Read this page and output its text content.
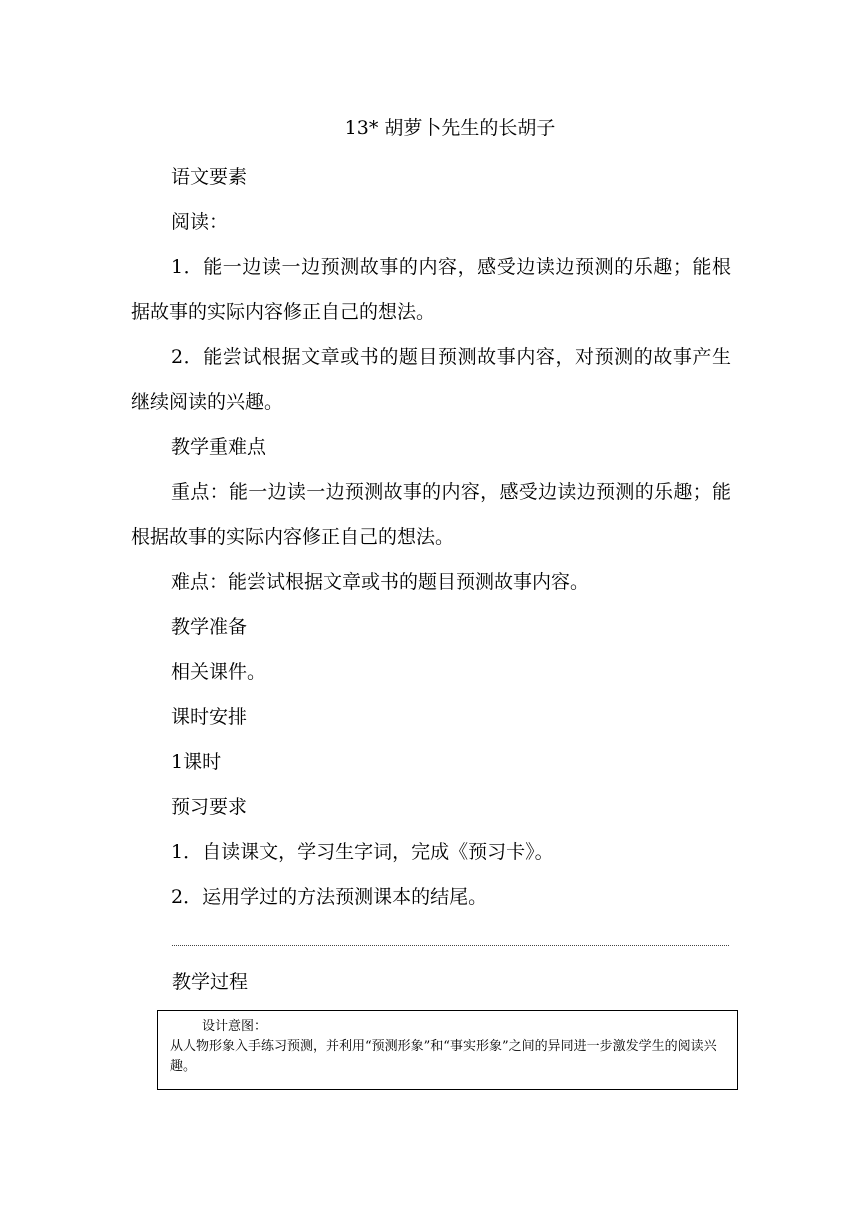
13* 胡萝卜先生的长胡子

语文要素

阅读：

1．能一边读一边预测故事的内容，感受边读边预测的乐趣；能根据故事的实际内容修正自己的想法。

2．能尝试根据文章或书的题目预测故事内容，对预测的故事产生继续阅读的兴趣。

教学重难点

重点：能一边读一边预测故事的内容，感受边读边预测的乐趣；能根据故事的实际内容修正自己的想法。

难点：能尝试根据文章或书的题目预测故事内容。

教学准备

相关课件。

课时安排

1课时

预习要求

1．自读课文，学习生字词，完成《预习卡》。

2．运用学过的方法预测课本的结尾。

教学过程
设计意图：
从人物形象入手练习预测，并利用“预测形象”和“事实形象”之间的异同进一步激发学生的阅读兴趣。
